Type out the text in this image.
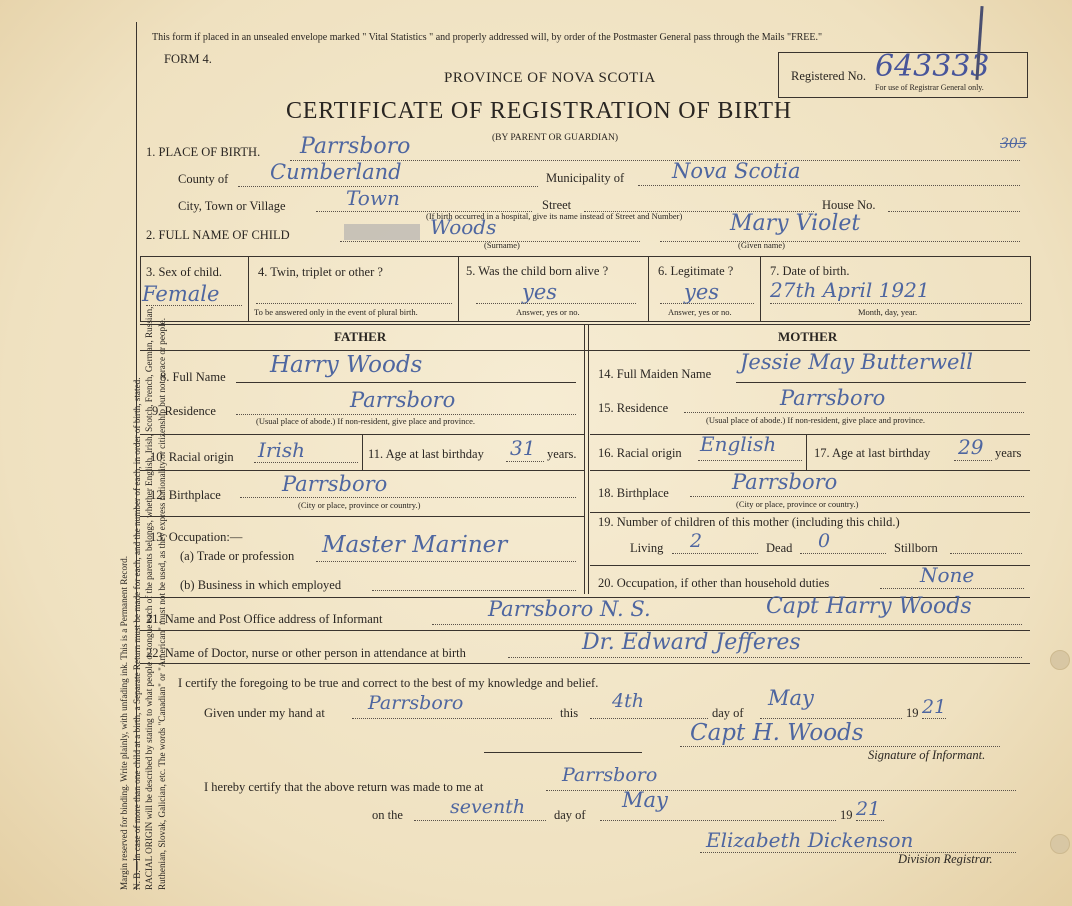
Margin reserved for binding. Write plainly, with unfading ink. This is a Permanent Record. N. B.—In case of more than one child at a birth, a Separate Return must be made for each, and the number of each, in order of birth, stated. RACIAL ORIGIN will be described by stating to what people or tongue each of the parents belongs, whether English, Irish, Scotch, French, German, Russian, Ruthenian, Slovak, Galician, etc. The words "Canadian" or "American" must not be used, as they express nationality or citizenship but not a race or people.
This form if placed in an unsealed envelope marked " Vital Statistics " and properly addressed will, by order of the Postmaster General pass through the Mails "FREE."
FORM 4.
PROVINCE OF NOVA SCOTIA
CERTIFICATE OF REGISTRATION OF BIRTH
(BY PARENT OR GUARDIAN)
Registered No. 643333
For use of Registrar General only.
305
1. PLACE OF BIRTH. Parrsboro
County of Cumberland	Municipality of Nova Scotia
City, Town or Village	Town	Street	House No.
(If birth occurred in a hospital, give its name instead of Street and Number)
2. FULL NAME OF CHILD	Woods
(Surname)
Mary Violet
(Given name)
3. Sex of child.
Female
4. Twin, triplet or other ?
To be answered only in the event of plural birth.
5. Was the child born alive ?
yes
Answer, yes or no.
6. Legitimate ?
yes
Answer, yes or no.
7. Date of birth.
27th April 1921
Month, day, year.
FATHER	MOTHER
8. Full Name Harry Woods
9. Residence	Parrsboro
(Usual place of abode.) If non-resident, give place and province.
10. Racial origin Irish	11. Age at last birthday 31 years.
12. Birthplace	Parrsboro
(City or place, province or country.)
13. Occupation:—
(a) Trade or profession Master Mariner
(b) Business in which employed
14. Full Maiden Name Jessie May Butterwell
15. Residence	Parrsboro
(Usual place of abode.) If non-resident, give place and province.
16. Racial origin English	17. Age at last birthday 29 years
18. Birthplace	Parrsboro
(City or place, province or country.)
19. Number of children of this mother (including this child.)
Living 2	Dead 0	Stillborn
20. Occupation, if other than household duties	None
21. Name and Post Office address of Informant	Parrsboro N. S.	Capt Harry Woods
22. Name of Doctor, nurse or other person in attendance at birth	Dr. Edward Jefferes
I certify the foregoing to be true and correct to the best of my knowledge and belief.
Given under my hand at Parrsboro	this
4th
day of
May
19 21
Capt H. Woods
Signature of Informant.
I hereby certify that the above return was made to me at
Parrsboro
on the seventh day of
May
19 21
Elizabeth Dickenson
Division Registrar.
